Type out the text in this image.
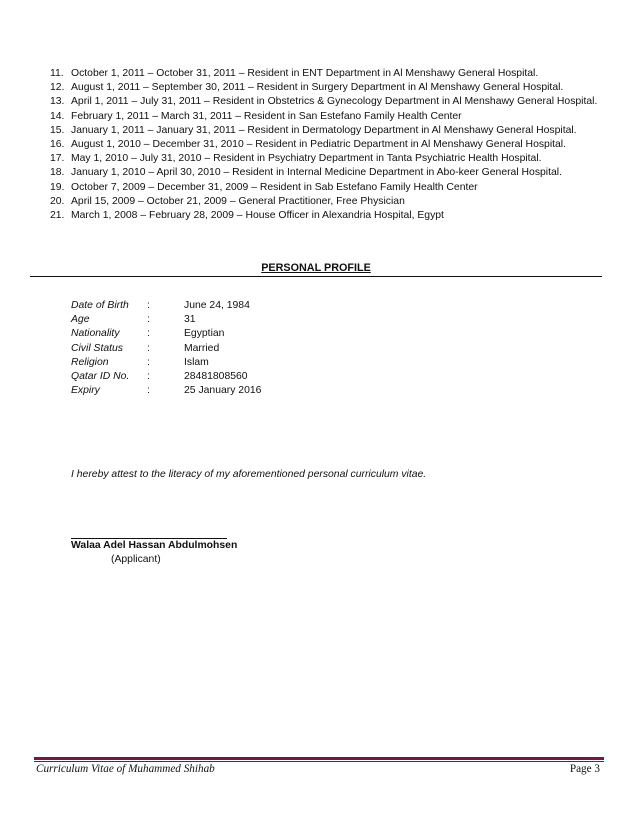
11. October 1, 2011 – October 31, 2011 – Resident in ENT Department in Al Menshawy General Hospital.
12. August 1, 2011 – September 30, 2011 – Resident in Surgery Department in Al Menshawy General Hospital.
13. April 1, 2011 – July 31, 2011 – Resident in Obstetrics & Gynecology Department in Al Menshawy General Hospital.
14. February 1, 2011 – March 31, 2011 – Resident in San Estefano Family Health Center
15. January 1, 2011 – January 31, 2011 – Resident in Dermatology Department in Al Menshawy General Hospital.
16. August 1, 2010 – December 31, 2010 – Resident in Pediatric Department in Al Menshawy General Hospital.
17. May 1, 2010 – July 31, 2010 – Resident in Psychiatry Department in Tanta Psychiatric Health Hospital.
18. January 1, 2010 – April 30, 2010 – Resident in Internal Medicine Department in Abo-keer General Hospital.
19. October 7, 2009 – December 31, 2009 – Resident in Sab Estefano Family Health Center
20. April 15, 2009 – October 21, 2009 – General Practitioner, Free Physician
21. March 1, 2008 – February 28, 2009 – House Officer in Alexandria Hospital, Egypt
PERSONAL PROFILE
Date of Birth	:	June 24, 1984
Age	:	31
Nationality	:	Egyptian
Civil Status	:	Married
Religion	:	Islam
Qatar ID No.	:	28481808560
Expiry	:	25 January 2016
I hereby attest to the literacy of my aforementioned personal curriculum vitae.
Walaa Adel Hassan Abdulmohsen
(Applicant)
Curriculum Vitae of Muhammed Shihab	Page 3
